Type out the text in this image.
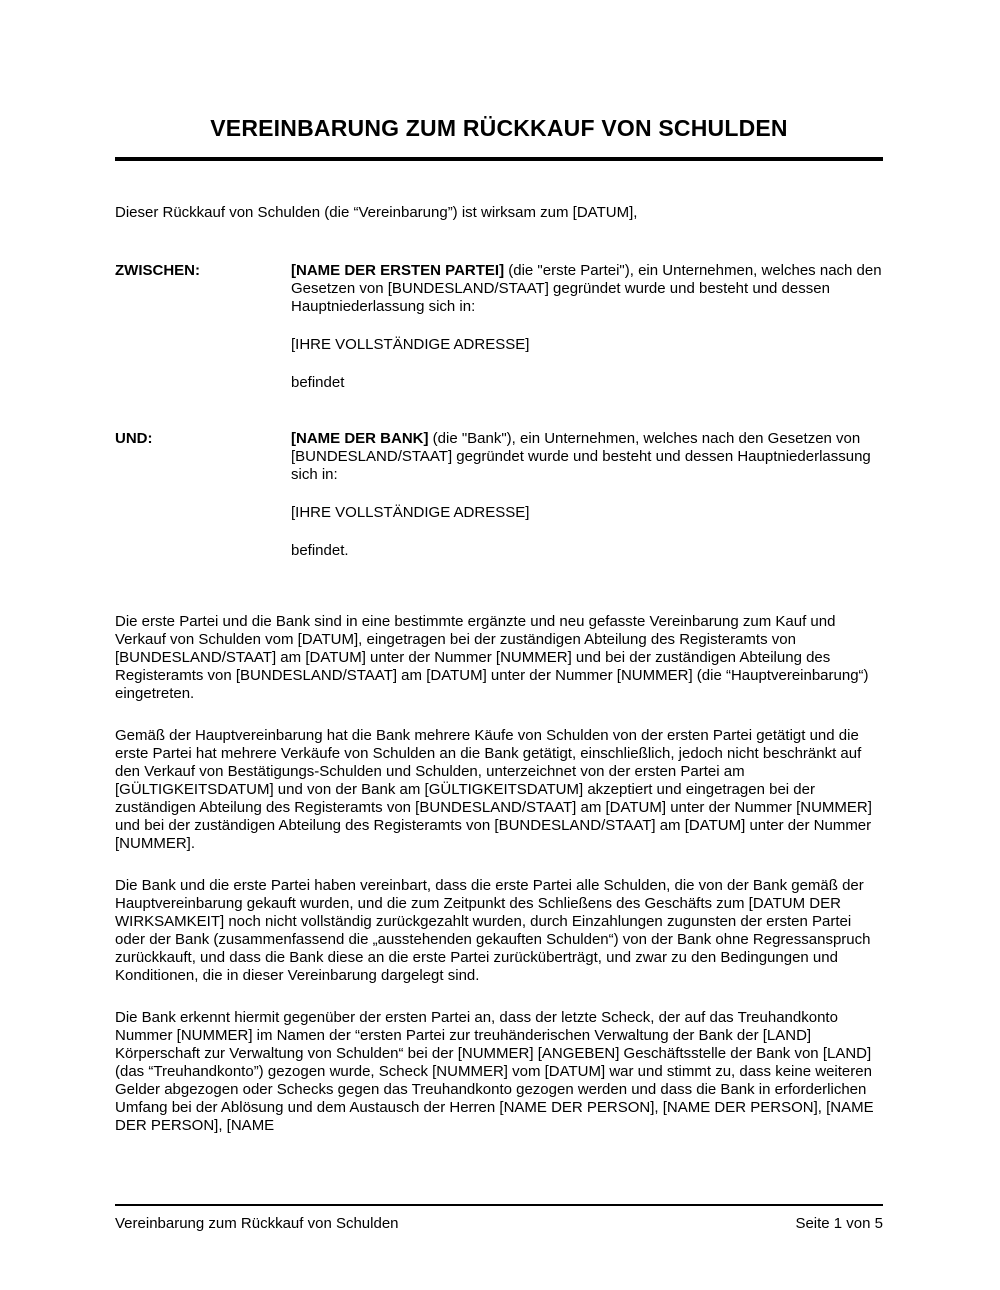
VEREINBARUNG ZUM RÜCKKAUF VON SCHULDEN

Dieser Rückkauf von Schulden (die “Vereinbarung”) ist wirksam zum [DATUM],

ZWISCHEN:	[NAME DER ERSTEN PARTEI] (die "erste Partei"), ein Unternehmen, welches nach den Gesetzen von [BUNDESLAND/STAAT] gegründet wurde und besteht und dessen Hauptniederlassung sich in:

[IHRE VOLLSTÄNDIGE ADRESSE]

befindet

UND:	[NAME DER BANK] (die "Bank"), ein Unternehmen, welches nach den Gesetzen von [BUNDESLAND/STAAT] gegründet wurde und besteht und dessen Hauptniederlassung sich in:

[IHRE VOLLSTÄNDIGE ADRESSE]

befindet.

Die erste Partei und die Bank sind in eine bestimmte ergänzte und neu gefasste Vereinbarung zum Kauf und Verkauf von Schulden vom [DATUM], eingetragen bei der zuständigen Abteilung des Registeramts von [BUNDESLAND/STAAT] am [DATUM] unter der Nummer [NUMMER] und bei der zuständigen Abteilung des Registeramts von [BUNDESLAND/STAAT] am [DATUM] unter der Nummer [NUMMER] (die “Hauptvereinbarung“) eingetreten.

Gemäß der Hauptvereinbarung hat die Bank mehrere Käufe von Schulden von der ersten Partei getätigt und die erste Partei hat mehrere Verkäufe von Schulden an die Bank getätigt, einschließlich, jedoch nicht beschränkt auf den Verkauf von Bestätigungs-Schulden und Schulden, unterzeichnet von der ersten Partei am [GÜLTIGKEITSDATUM] und von der Bank am [GÜLTIGKEITSDATUM] akzeptiert und eingetragen bei der zuständigen Abteilung des Registeramts von [BUNDESLAND/STAAT] am [DATUM] unter der Nummer [NUMMER] und bei der zuständigen Abteilung des Registeramts von [BUNDESLAND/STAAT] am [DATUM] unter der Nummer [NUMMER].

Die Bank und die erste Partei haben vereinbart, dass die erste Partei alle Schulden, die von der Bank gemäß der Hauptvereinbarung gekauft wurden, und die zum Zeitpunkt des Schließens des Geschäfts zum [DATUM DER WIRKSAMKEIT] noch nicht vollständig zurückgezahlt wurden, durch Einzahlungen zugunsten der ersten Partei oder der Bank (zusammenfassend die „ausstehenden gekauften Schulden“) von der Bank ohne Regressanspruch zurückkauft, und dass die Bank diese an die erste Partei zurücküberträgt, und zwar zu den Bedingungen und Konditionen, die in dieser Vereinbarung dargelegt sind.

Die Bank erkennt hiermit gegenüber der ersten Partei an, dass der letzte Scheck, der auf das Treuhandkonto Nummer [NUMMER] im Namen der “ersten Partei zur treuhänderischen Verwaltung der Bank der [LAND] Körperschaft zur Verwaltung von Schulden“ bei der [NUMMER] [ANGEBEN] Geschäftsstelle der Bank von [LAND] (das “Treuhandkonto”) gezogen wurde, Scheck [NUMMER] vom [DATUM] war und stimmt zu, dass keine weiteren Gelder abgezogen oder Schecks gegen das Treuhandkonto gezogen werden und dass die Bank in erforderlichen Umfang bei der Ablösung und dem Austausch der Herren [NAME DER PERSON], [NAME DER PERSON], [NAME DER PERSON], [NAME

Vereinbarung zum Rückkauf von Schulden	Seite 1 von 5
